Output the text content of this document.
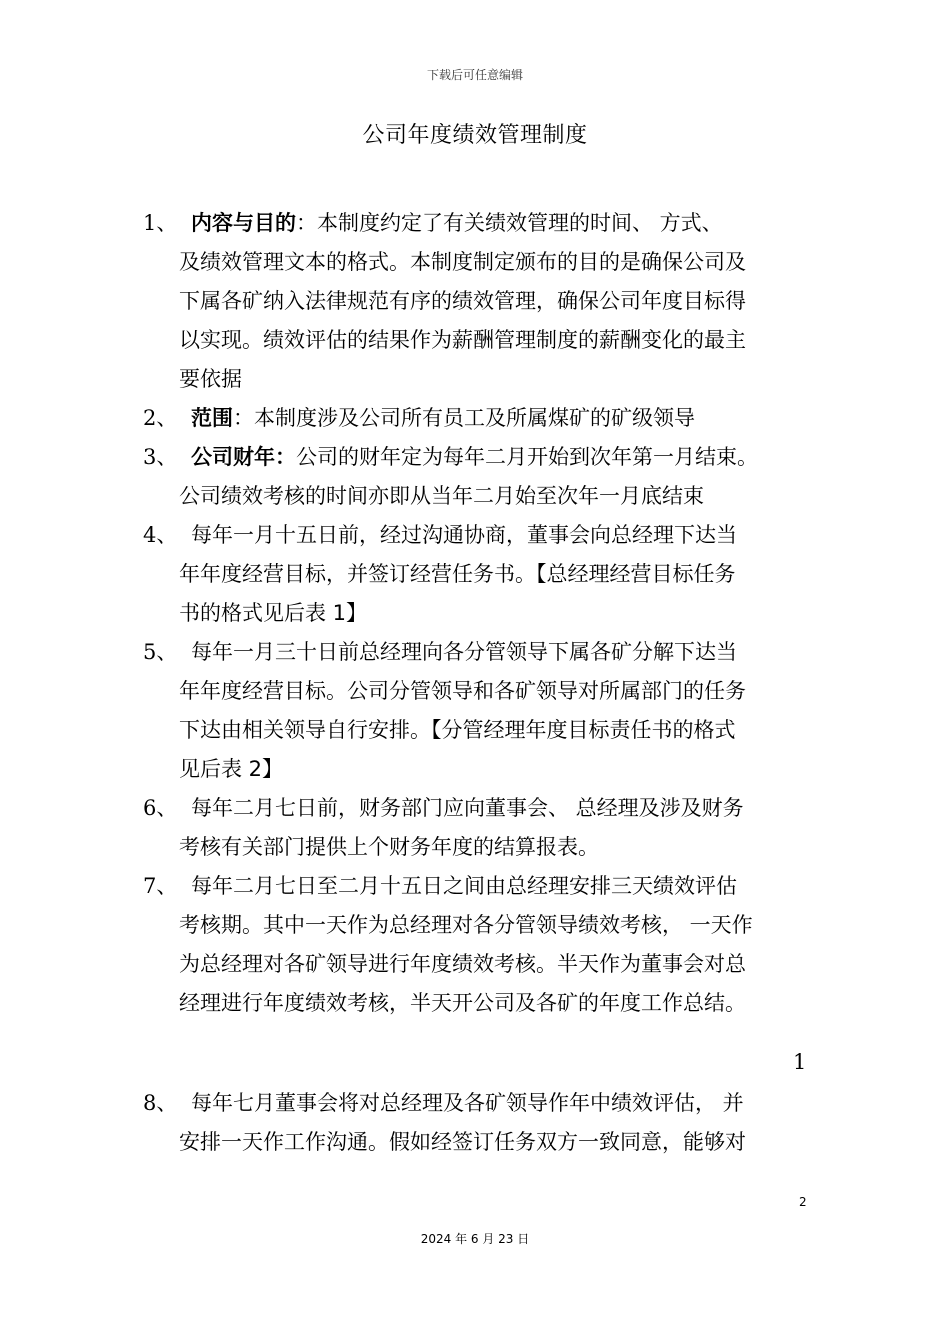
下载后可任意编辑
公司年度绩效管理制度
1、 内容与目的：本制度约定了有关绩效管理的时间、 方式、
及绩效管理文本的格式。本制度制定颁布的目的是确保公司及
下属各矿纳入法律规范有序的绩效管理，确保公司年度目标得
以实现。绩效评估的结果作为薪酬管理制度的薪酬变化的最主
要依据
2、 范围：本制度涉及公司所有员工及所属煤矿的矿级领导
3、 公司财年：公司的财年定为每年二月开始到次年第一月结束。
公司绩效考核的时间亦即从当年二月始至次年一月底结束
4、 每年一月十五日前，经过沟通协商，董事会向总经理下达当
年年度经营目标，并签订经营任务书。【总经理经营目标任务
书的格式见后表 1】
5、 每年一月三十日前总经理向各分管领导下属各矿分解下达当
年年度经营目标。公司分管领导和各矿领导对所属部门的任务
下达由相关领导自行安排。【分管经理年度目标责任书的格式
见后表 2】
6、 每年二月七日前，财务部门应向董事会、 总经理及涉及财务
考核有关部门提供上个财务年度的结算报表。
7、 每年二月七日至二月十五日之间由总经理安排三天绩效评估
考核期。其中一天作为总经理对各分管领导绩效考核， 一天作
为总经理对各矿领导进行年度绩效考核。半天作为董事会对总
经理进行年度绩效考核，半天开公司及各矿的年度工作总结。
1
8、 每年七月董事会将对总经理及各矿领导作年中绩效评估， 并
安排一天作工作沟通。假如经签订任务双方一致同意，能够对
2
2024 年 6 月 23 日
